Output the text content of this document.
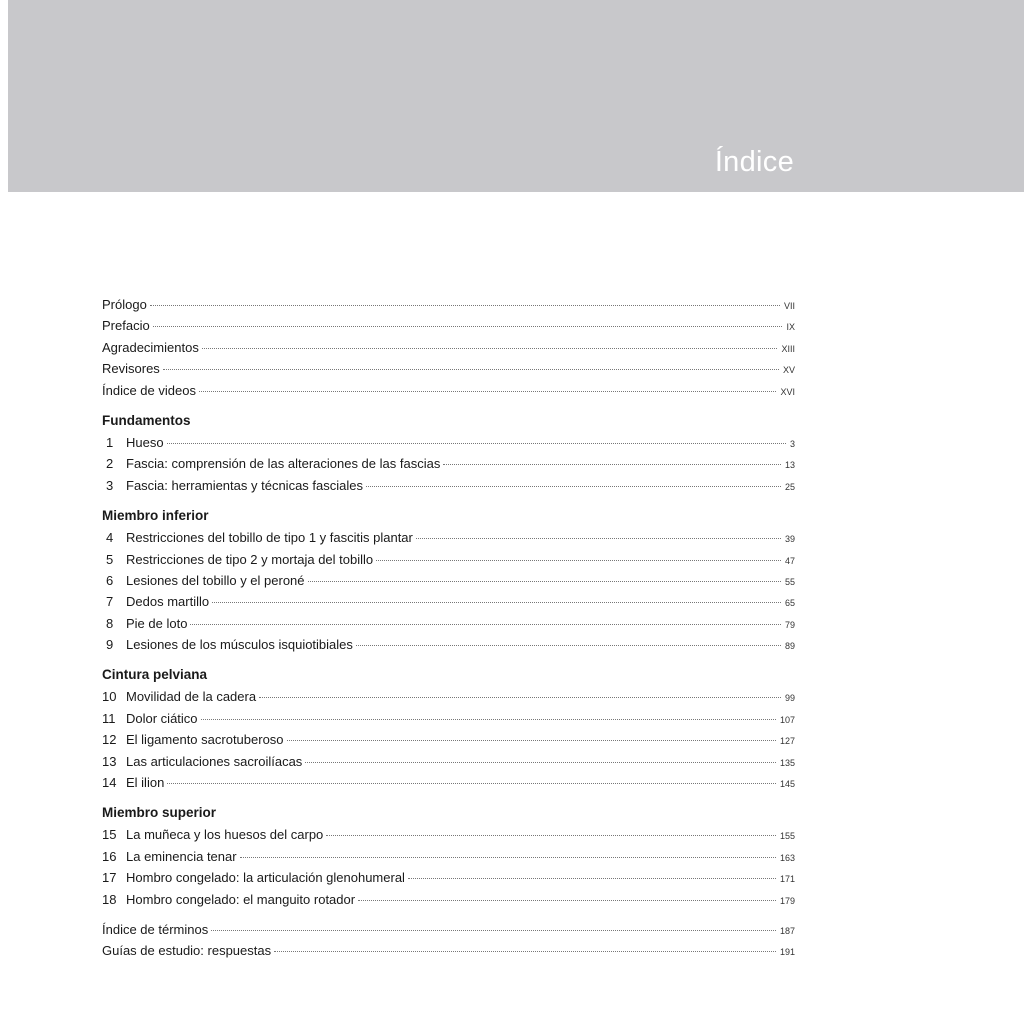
Índice
Prólogo	VII
Prefacio	IX
Agradecimientos	XIII
Revisores	XV
Índice de videos	XVI
Fundamentos
1 Hueso	3
2 Fascia: comprensión de las alteraciones de las fascias	13
3 Fascia: herramientas y técnicas fasciales	25
Miembro inferior
4 Restricciones del tobillo de tipo 1 y fascitis plantar	39
5 Restricciones de tipo 2 y mortaja del tobillo	47
6 Lesiones del tobillo y el peroné	55
7 Dedos martillo	65
8 Pie de loto	79
9 Lesiones de los músculos isquiotibiales	89
Cintura pelviana
10 Movilidad de la cadera	99
11 Dolor ciático	107
12 El ligamento sacrotuberoso	127
13 Las articulaciones sacroilíacas	135
14 El ilion	145
Miembro superior
15 La muñeca y los huesos del carpo	155
16 La eminencia tenar	163
17 Hombro congelado: la articulación glenohumeral	171
18 Hombro congelado: el manguito rotador	179
Índice de términos	187
Guías de estudio: respuestas	191
